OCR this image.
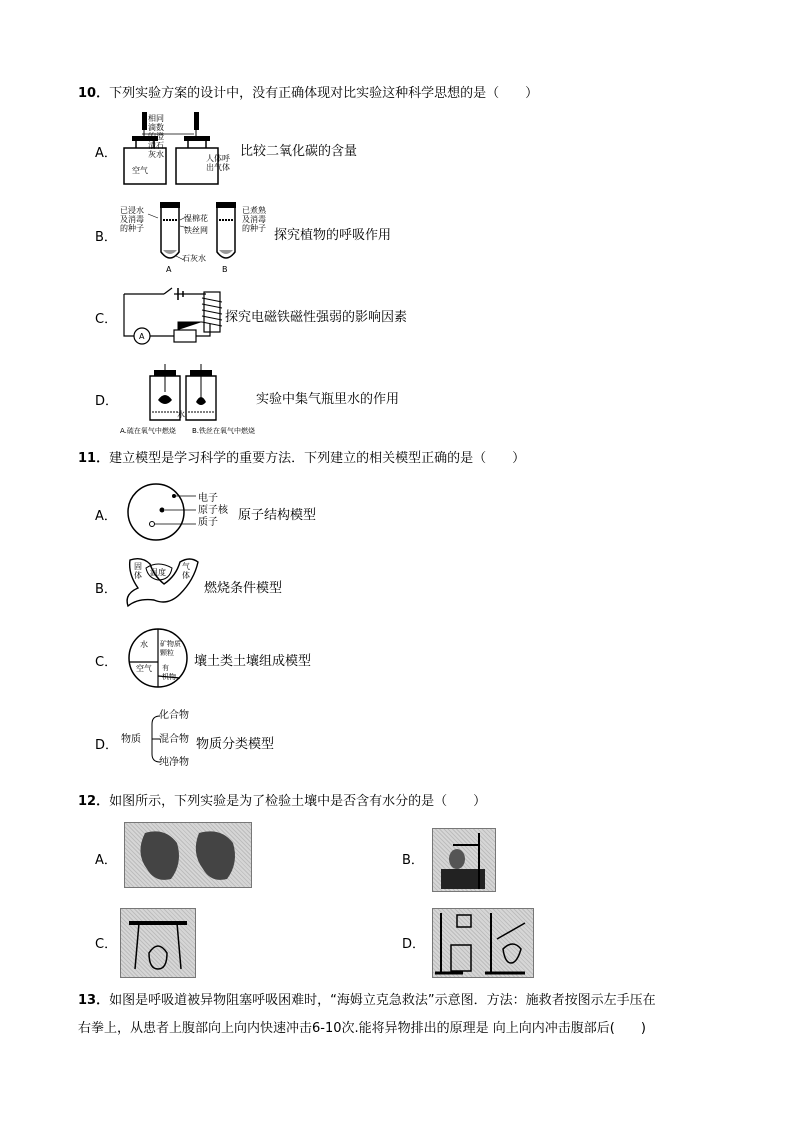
10．下列实验方案的设计中，没有正确体现对比实验这种科学思想的是（　　）
A．
相同
滴数
的澄
清石
灰水
空气
人体呼
出气体
比较二氧化碳的含量
B．
已浸水
及消毒
的种子
湿棉花
铁丝网
石灰水
已煮熟
及消毒
的种子
A	B
探究植物的呼吸作用
C．
A
探究电磁铁磁性强弱的影响因素
D．
水
A.硫在氧气中燃烧 B.铁丝在氧气中燃烧
实验中集气瓶里水的作用
11．建立模型是学习科学的重要方法．下列建立的相关模型正确的是（　　）
A．
电子
原子核
质子	原子结构模型
B．
固
体 温度
气
体
燃烧条件模型
C．
水 矿物质
颗粒
空气 有
机物
壤土类土壤组成模型
D．
化合物
物质 混合物
纯净物
物质分类模型
12．如图所示，下列实验是为了检验土壤中是否含有水分的是（　　）
A．	B．
C．	D．
13．如图是呼吸道被异物阻塞呼吸困难时，“海姆立克急救法”示意图．方法：施救者按图示左手压在
右拳上，从患者上腹部向上向内快速冲击6-10次.能将异物排出的原理是 向上向内冲击腹部后(　　)
